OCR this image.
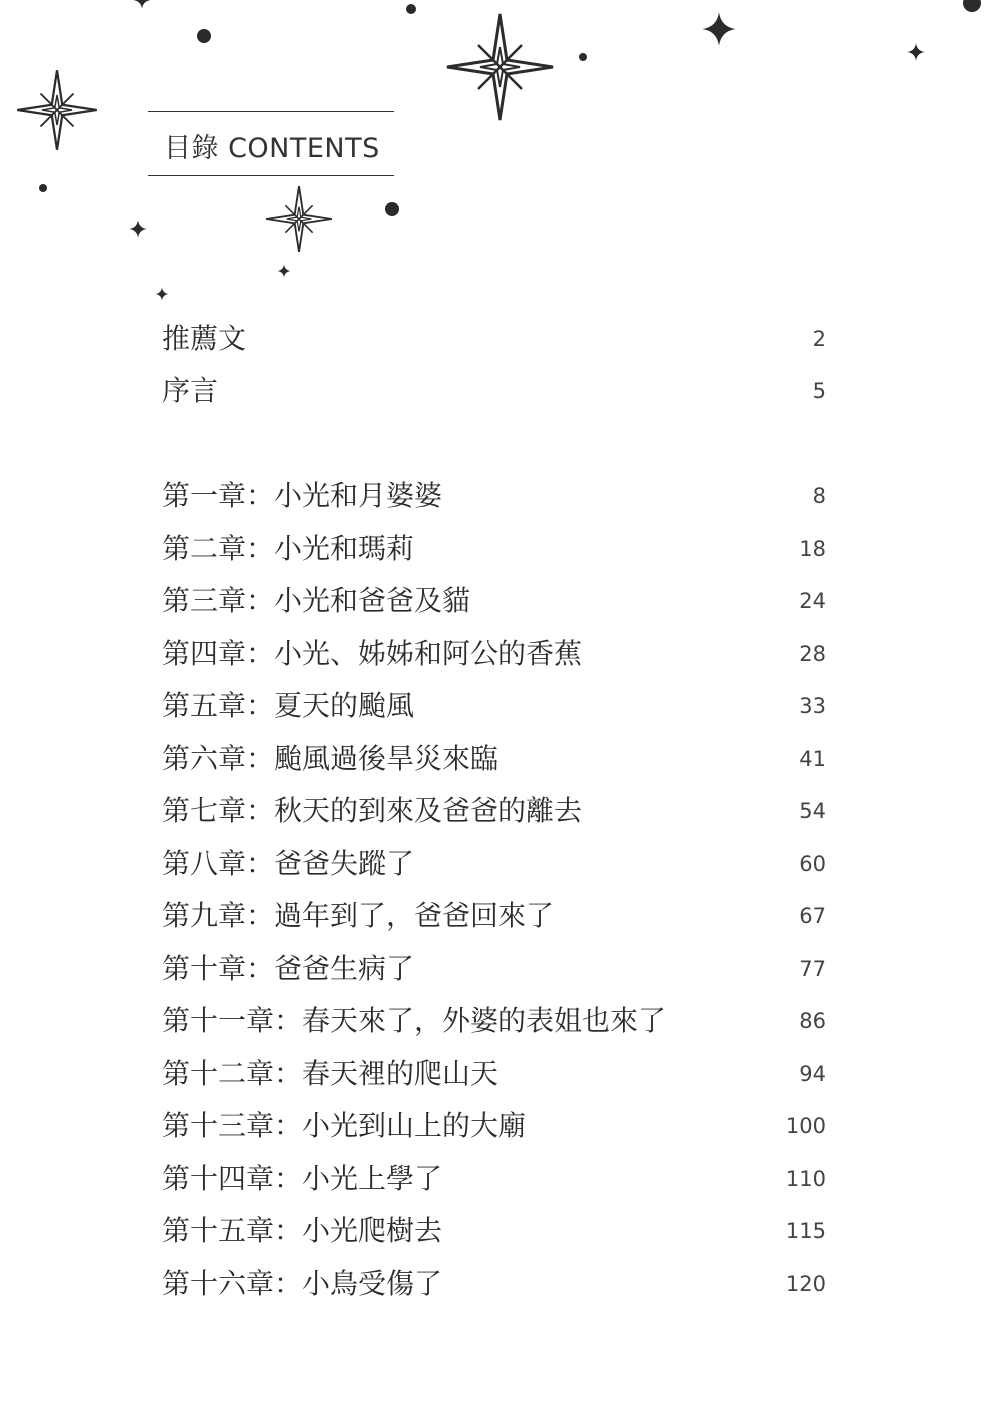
目錄 CONTENTS
推薦文	2
序言	5
第一章：小光和月婆婆	8
第二章：小光和瑪莉	18
第三章：小光和爸爸及貓	24
第四章：小光、姊姊和阿公的香蕉	28
第五章：夏天的颱風	33
第六章：颱風過後旱災來臨	41
第七章：秋天的到來及爸爸的離去	54
第八章：爸爸失蹤了	60
第九章：過年到了，爸爸回來了	67
第十章：爸爸生病了	77
第十一章：春天來了，外婆的表姐也來了	86
第十二章：春天裡的爬山天	94
第十三章：小光到山上的大廟	100
第十四章：小光上學了	110
第十五章：小光爬樹去	115
第十六章：小鳥受傷了	120
